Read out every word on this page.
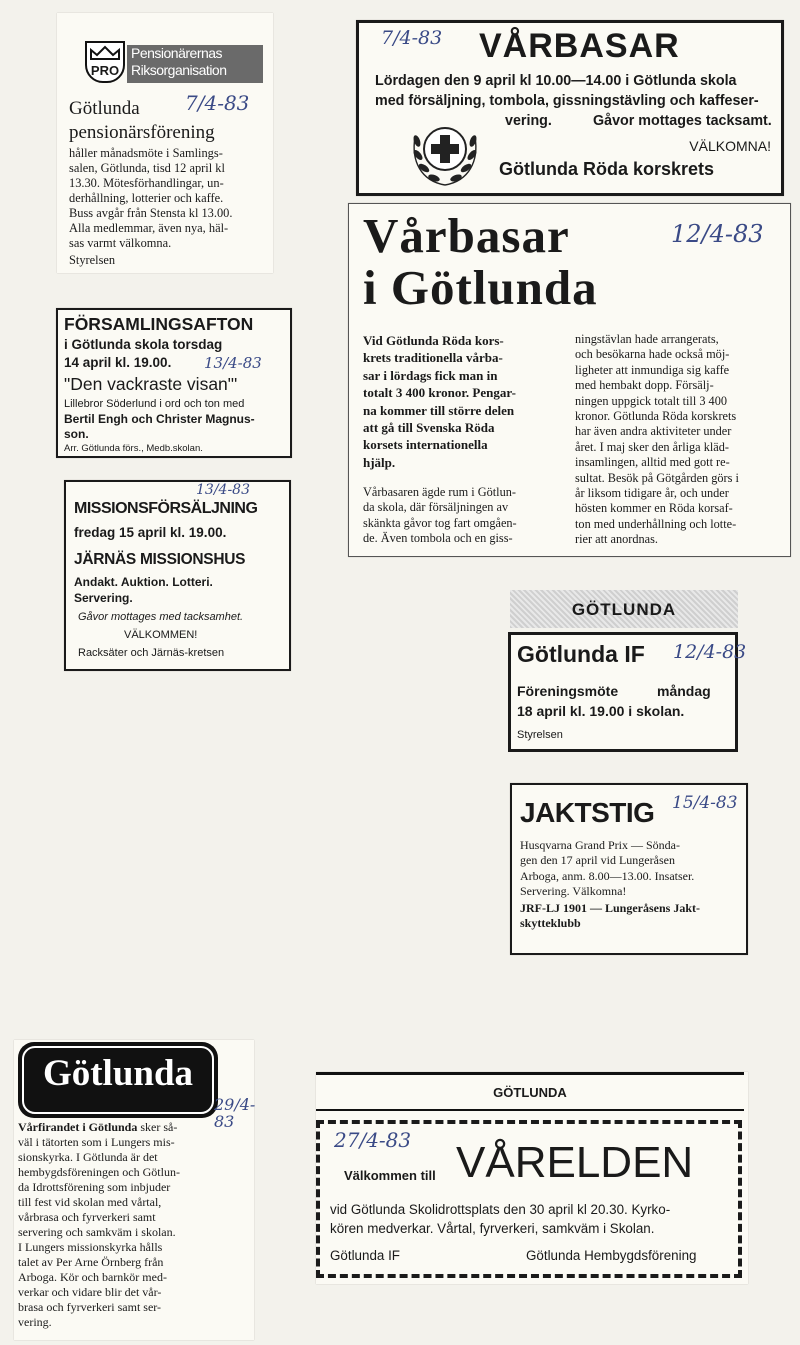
PRO
Pensionärernas
Riksorganisation
7/4-83
Götlunda
pensionärsförening
håller månadsmöte i Samlings-
salen, Götlunda, tisd 12 april kl
13.30. Mötesförhandlingar, un-
derhållning, lotterier och kaffe.
Buss avgår från Stensta kl 13.00.
Alla medlemmar, även nya, häl-
sas varmt välkomna.
Styrelsen
7/4-83 VÅRBASAR
Lördagen den 9 april kl 10.00—14.00 i Götlunda skola
med försäljning, tombola, gissningstävling och kaffeser-
vering.	Gåvor mottages tacksamt.
VÄLKOMNA!
Götlunda Röda korskrets
Vårbasar
i Götlunda
12/4-83
Vid Götlunda Röda kors-
krets traditionella vårba-
sar i lördags fick man in
totalt 3 400 kronor. Pengar-
na kommer till större delen
att gå till Svenska Röda
korsets internationella
hjälp.
Vårbasaren ägde rum i Götlun-
da skola, där försäljningen av
skänkta gåvor tog fart omgåen-
de. Även tombola och en giss-
ningstävlan hade arrangerats,
och besökarna hade också möj-
ligheter att inmundiga sig kaffe
med hembakt dopp. Försälj-
ningen uppgick totalt till 3 400
kronor. Götlunda Röda korskrets
har även andra aktiviteter under
året. I maj sker den årliga kläd-
insamlingen, alltid med gott re-
sultat. Besök på Götgården görs i
år liksom tidigare år, och under
hösten kommer en Röda korsaf-
ton med underhållning och lotte-
rier att anordnas.
FÖRSAMLINGSAFTON
i Götlunda skola torsdag
14 april kl. 19.00. 13/4-83
"Den vackraste visan"'
Lillebror Söderlund i ord och ton med
Bertil Engh och Christer Magnus-
son.
Arr. Götlunda förs., Medb.skolan.
13/4-83
MISSIONSFÖRSÄLJNING
fredag 15 april kl. 19.00.
JÄRNÄS MISSIONSHUS
Andakt. Auktion. Lotteri.
Servering.
Gåvor mottages med tacksamhet.
VÄLKOMMEN!
Racksäter och Järnäs-kretsen
GÖTLUNDA
Götlunda IF 12/4-83
Föreningsmöte	måndag
18 april kl. 19.00 i skolan.
Styrelsen
JAKTSTIG 15/4-83
Husqvarna Grand Prix — Sönda-
gen den 17 april vid Lungeråsen
Arboga, anm. 8.00—13.00. Insatser.
Servering. Välkomna!
JRF-LJ 1901 — Lungeråsens Jakt-
skytteklubb
Götlunda
29/4-83
Vårfirandet i Götlunda sker så-
väl i tätorten som i Lungers mis-
sionskyrka. I Götlunda är det
hembygdsföreningen och Götlun-
da Idrottsförening som inbjuder
till fest vid skolan med vårtal,
vårbrasa och fyrverkeri samt
servering och samkväm i skolan.
I Lungers missionskyrka hålls
talet av Per Arne Örnberg från
Arboga. Kör och barnkör med-
verkar och vidare blir det vår-
brasa och fyrverkeri samt ser-
vering.
GÖTLUNDA
27/4-83
Välkommen till VÅRELDEN
vid Götlunda Skolidrottsplats den 30 april kl 20.30. Kyrko-
kören medverkar. Vårtal, fyrverkeri, samkväm i Skolan.
Götlunda IF	Götlunda Hembygdsförening
